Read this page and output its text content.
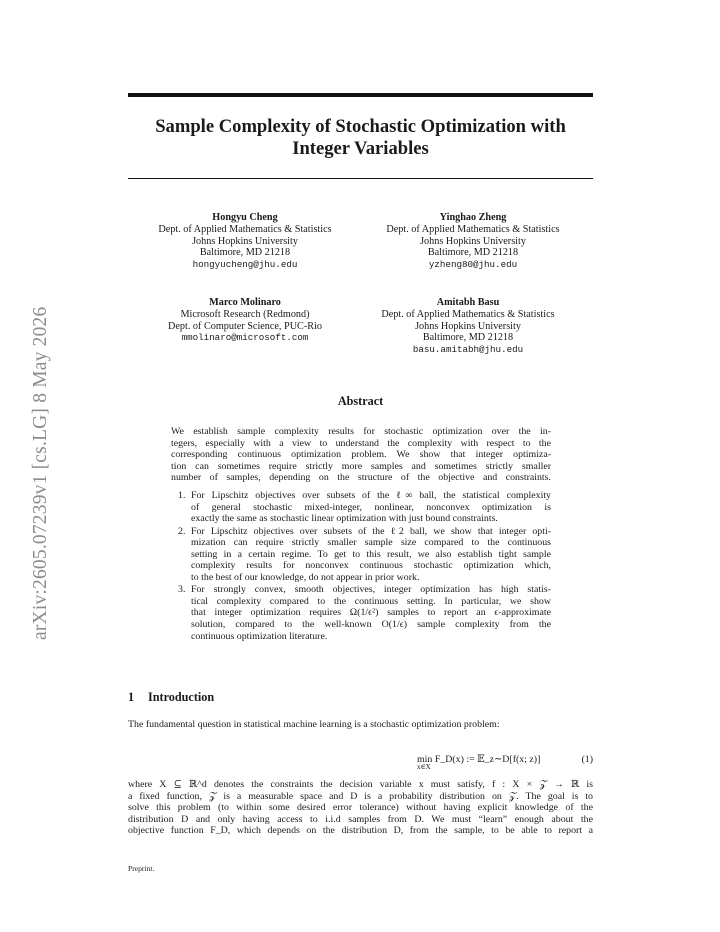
arXiv:2605.07239v1 [cs.LG] 8 May 2026
Sample Complexity of Stochastic Optimization with
Integer Variables
Hongyu Cheng
Dept. of Applied Mathematics & Statistics
Johns Hopkins University
Baltimore, MD 21218
hongyucheng@jhu.edu
Yinghao Zheng
Dept. of Applied Mathematics & Statistics
Johns Hopkins University
Baltimore, MD 21218
yzheng80@jhu.edu
Marco Molinaro
Microsoft Research (Redmond)
Dept. of Computer Science, PUC-Rio
mmolinaro@microsoft.com
Amitabh Basu
Dept. of Applied Mathematics & Statistics
Johns Hopkins University
Baltimore, MD 21218
basu.amitabh@jhu.edu
Abstract
We establish sample complexity results for stochastic optimization over the in-
tegers, especially with a view to understand the complexity with respect to the
corresponding continuous optimization problem. We show that integer optimiza-
tion can sometimes require strictly more samples and sometimes strictly smaller
number of samples, depending on the structure of the objective and constraints.
1. For Lipschitz objectives over subsets of the ℓ∞ ball, the statistical complexity
of general stochastic mixed-integer, nonlinear, nonconvex optimization is
exactly the same as stochastic linear optimization with just bound constraints.
2. For Lipschitz objectives over subsets of the ℓ2 ball, we show that integer opti-
mization can require strictly smaller sample size compared to the continuous
setting in a certain regime. To get to this result, we also establish tight sample
complexity results for nonconvex continuous stochastic optimization which,
to the best of our knowledge, do not appear in prior work.
3. For strongly convex, smooth objectives, integer optimization has high statis-
tical complexity compared to the continuous setting. In particular, we show
that integer optimization requires Ω(1/ϵ²) samples to report an ϵ-approximate
solution, compared to the well-known O(1/ϵ) sample complexity from the
continuous optimization literature.
1 Introduction
The fundamental question in statistical machine learning is a stochastic optimization problem:
min F_D(x) := 𝔼_z∼D[f(x; z)]
x∈X
(1)
where X ⊆ ℝ^d denotes the constraints the decision variable x must satisfy, f : X × 𝒵 → ℝ is
a fixed function, 𝒵 is a measurable space and D is a probability distribution on 𝒵. The goal is to
solve this problem (to within some desired error tolerance) without having explicit knowledge of the
distribution D and only having access to i.i.d samples from D. We must “learn” enough about the
objective function F_D, which depends on the distribution D, from the sample, to be able to report a
Preprint.
